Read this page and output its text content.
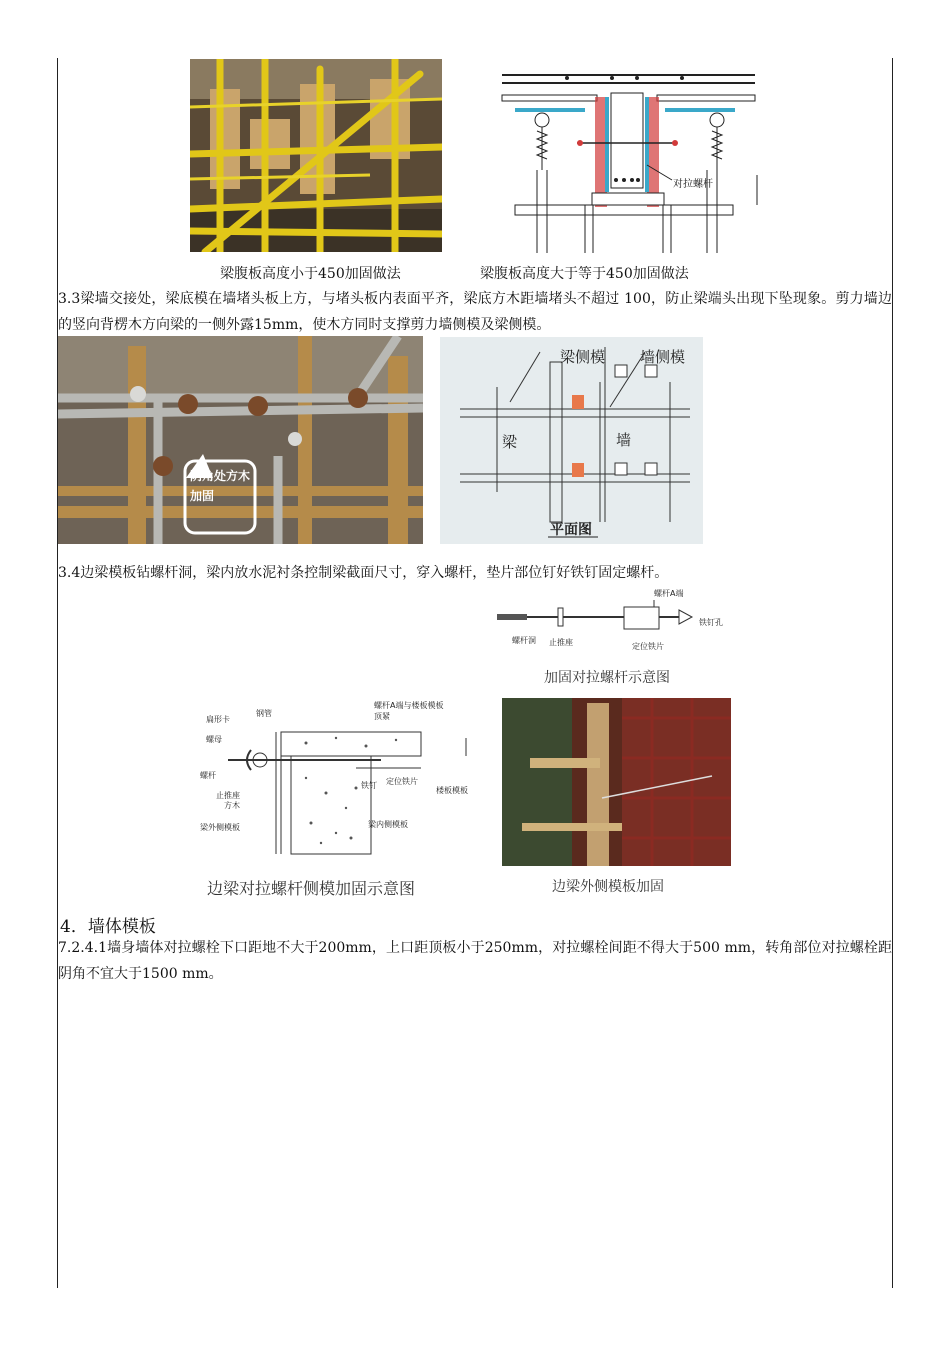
对拉螺杆
梁腹板高度小于450加固做法	梁腹板高度大于等于450加固做法
3.3梁墙交接处，梁底模在墙堵头板上方，与堵头板内表面平齐，梁底方木距墙堵头不超过 100，防止梁端头出现下坠现象。剪力墙边的竖向背楞木方向梁的一侧外露15mm，使木方同时支撑剪力墙侧模及梁侧模。
阴角处方木加固
梁侧模 墙侧模
梁	墙
平面图
3.4边梁模板钻螺杆洞，梁内放水泥衬条控制梁截面尺寸，穿入螺杆，垫片部位钉好铁钉固定螺杆。
螺杆A端
铁钉孔
螺杆洞 止推座	定位铁片
加固对拉螺杆示意图
扁形卡
钢管
螺母
螺杆
止推座
方木
梁外侧模板
螺杆A端与楼板模板
顶紧
铁钉 定位铁片
楼板模板
梁内侧模板
边梁对拉螺杆侧模加固示意图	边梁外侧模板加固
4．墙体模板
7.2.4.1墙身墙体对拉螺栓下口距地不大于200mm，上口距顶板小于250mm，对拉螺栓间距不得大于500 mm，转角部位对拉螺栓距阴角不宜大于1500 mm。
